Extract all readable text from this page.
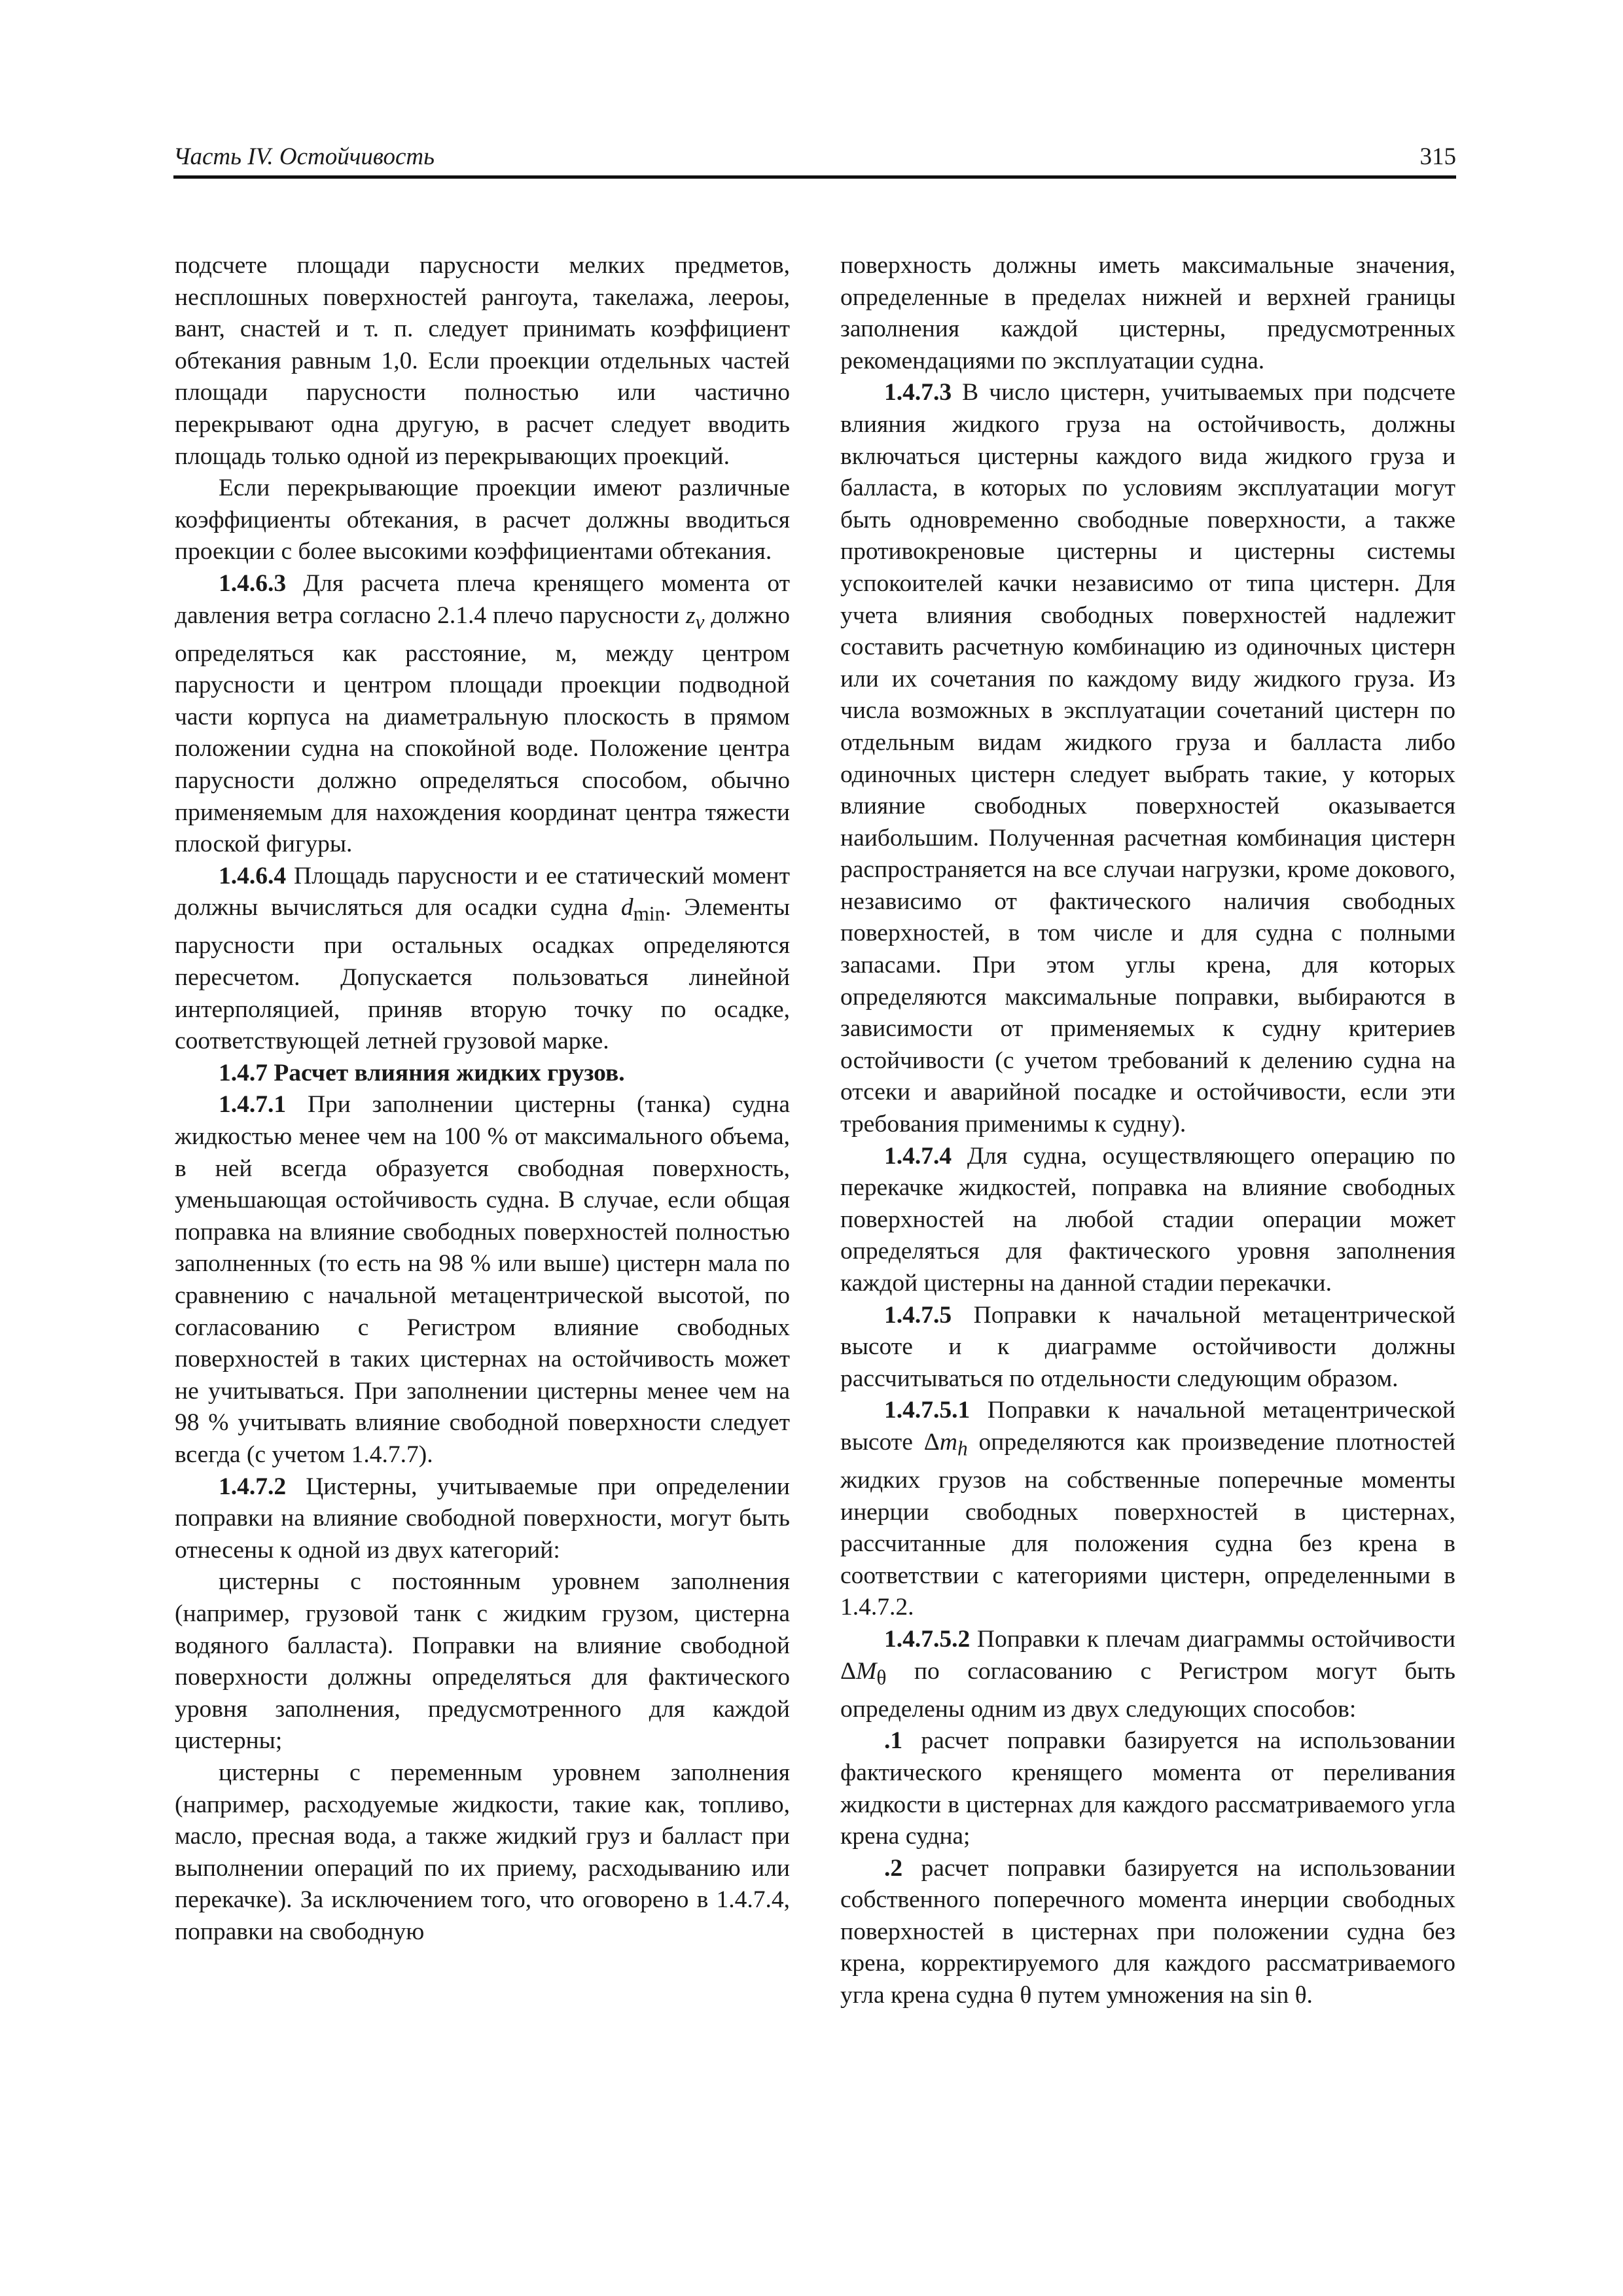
Часть IV. Остойчивость	315

подсчете площади парусности мелких предметов, несплошных поверхностей рангоута, такелажа, леероы, вант, снастей и т. п. следует принимать коэффициент обтекания равным 1,0. Если проекции отдельных частей площади парусности полностью или частично перекрывают одна другую, в расчет следует вводить площадь только одной из перекрывающих проекций.

Если перекрывающие проекции имеют различные коэффициенты обтекания, в расчет должны вводиться проекции с более высокими коэффициентами обтекания.

1.4.6.3 Для расчета плеча кренящего момента от давления ветра согласно 2.1.4 плечо парусности $z_v$ должно определяться как расстояние, м, между центром парусности и центром площади проекции подводной части корпуса на диаметральную плоскость в прямом положении судна на спокойной воде. Положение центра парусности должно определяться способом, обычно применяемым для нахождения координат центра тяжести плоской фигуры.

1.4.6.4 Площадь парусности и ее статический момент должны вычисляться для осадки судна $d_{min}$. Элементы парусности при остальных осадках определяются пересчетом. Допускается пользоваться линейной интерполяцией, приняв вторую точку по осадке, соответствующей летней грузовой марке.

1.4.7 Расчет влияния жидких грузов.

1.4.7.1 При заполнении цистерны (танка) судна жидкостью менее чем на 100 % от максимального объема, в ней всегда образуется свободная поверхность, уменьшающая остойчивость судна. В случае, если общая поправка на влияние свободных поверхностей полностью заполненных (то есть на 98 % или выше) цистерн мала по сравнению с начальной метацентрической высотой, по согласованию с Регистром влияние свободных поверхностей в таких цистернах на остойчивость может не учитываться. При заполнении цистерны менее чем на 98 % учитывать влияние свободной поверхности следует всегда (с учетом 1.4.7.7).

1.4.7.2 Цистерны, учитываемые при определении поправки на влияние свободной поверхности, могут быть отнесены к одной из двух категорий:

цистерны с постоянным уровнем заполнения (например, грузовой танк с жидким грузом, цистерна водяного балласта). Поправки на влияние свободной поверхности должны определяться для фактического уровня заполнения, предусмотренного для каждой цистерны;

цистерны с переменным уровнем заполнения (например, расходуемые жидкости, такие как, топливо, масло, пресная вода, а также жидкий груз и балласт при выполнении операций по их приему, расходыванию или перекачке). За исключением того, что оговорено в 1.4.7.4, поправки на свободную

поверхность должны иметь максимальные значения, определенные в пределах нижней и верхней границы заполнения каждой цистерны, предусмотренных рекомендациями по эксплуатации судна.

1.4.7.3 В число цистерн, учитываемых при подсчете влияния жидкого груза на остойчивость, должны включаться цистерны каждого вида жидкого груза и балласта, в которых по условиям эксплуатации могут быть одновременно свободные поверхности, а также противокреновые цистерны и цистерны системы успокоителей качки независимо от типа цистерн. Для учета влияния свободных поверхностей надлежит составить расчетную комбинацию из одиночных цистерн или их сочетания по каждому виду жидкого груза. Из числа возможных в эксплуатации сочетаний цистерн по отдельным видам жидкого груза и балласта либо одиночных цистерн следует выбрать такие, у которых влияние свободных поверхностей оказывается наибольшим. Полученная расчетная комбинация цистерн распространяется на все случаи нагрузки, кроме докового, независимо от фактического наличия свободных поверхностей, в том числе и для судна с полными запасами. При этом углы крена, для которых определяются максимальные поправки, выбираются в зависимости от применяемых к судну критериев остойчивости (с учетом требований к делению судна на отсеки и аварийной посадке и остойчивости, если эти требования применимы к судну).

1.4.7.4 Для судна, осуществляющего операцию по перекачке жидкостей, поправка на влияние свободных поверхностей на любой стадии операции может определяться для фактического уровня заполнения каждой цистерны на данной стадии перекачки.

1.4.7.5 Поправки к начальной метацентрической высоте и к диаграмме остойчивости должны рассчитываться по отдельности следующим образом.

1.4.7.5.1 Поправки к начальной метацентрической высоте $\Delta m_h$ определяются как произведение плотностей жидких грузов на собственные поперечные моменты инерции свободных поверхностей в цистернах, рассчитанные для положения судна без крена в соответствии с категориями цистерн, определенными в 1.4.7.2.

1.4.7.5.2 Поправки к плечам диаграммы остойчивости $\Delta M_\theta$ по согласованию с Регистром могут быть определены одним из двух следующих способов:

.1 расчет поправки базируется на использовании фактического кренящего момента от переливания жидкости в цистернах для каждого рассматриваемого угла крена судна;

.2 расчет поправки базируется на использовании собственного поперечного момента инерции свободных поверхностей в цистернах при положении судна без крена, корректируемого для каждого рассматриваемого угла крена судна θ путем умножения на sin θ.
